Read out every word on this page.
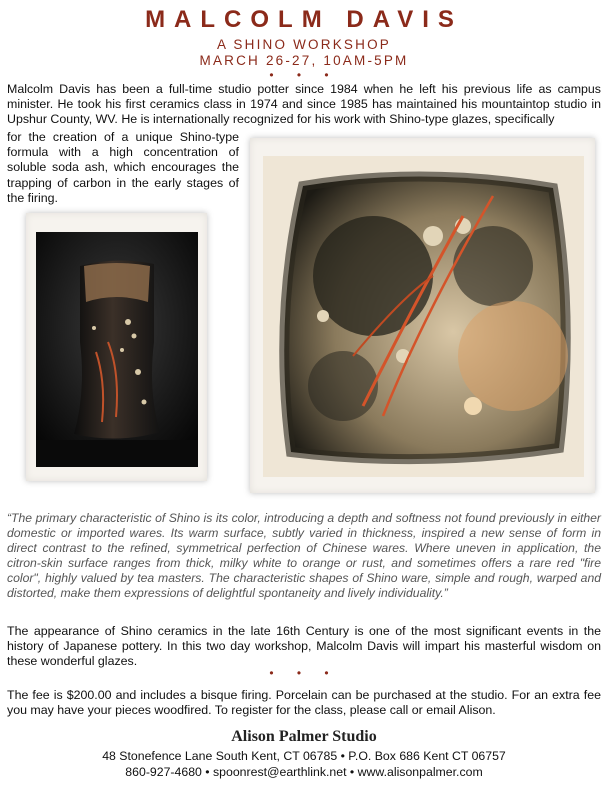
MALCOLM DAVIS
A SHINO WORKSHOP
MARCH 26-27, 10AM-5PM
• • •

Malcolm Davis has been a full-time studio potter since 1984 when he left his previous life as campus minister. He took his first ceramics class in 1974 and since 1985 has maintained his mountaintop studio in Upshur County, WV. He is internationally recognized for his work with Shino-type glazes, specifically

for the creation of a unique Shino-type formula with a high concentration of soluble soda ash, which encourages the trapping of carbon in the early stages of the firing.

“The primary characteristic of Shino is its color, introducing a depth and softness not found previously in either domestic or imported wares. Its warm surface, subtly varied in thickness, inspired a new sense of form in direct contrast to the refined, symmetrical perfection of Chinese wares. Where uneven in application, the citron-skin surface ranges from thick, milky white to orange or rust, and sometimes offers a rare red "fire color", highly valued by tea masters. The characteristic shapes of Shino ware, simple and rough, warped and distorted, make them expressions of delightful spontaneity and lively individuality.”

The appearance of Shino ceramics in the late 16th Century is one of the most significant events in the history of Japanese pottery. In this two day workshop, Malcolm Davis will impart his masterful wisdom on these wonderful glazes.

• • •

The fee is $200.00 and includes a bisque firing. Porcelain can be purchased at the studio. For an extra fee you may have your pieces woodfired. To register for the class, please call or email Alison.

Alison Palmer Studio
48 Stonefence Lane South Kent, CT 06785 • P.O. Box 686 Kent CT 06757
860-927-4680 • spoonrest@earthlink.net • www.alisonpalmer.com
